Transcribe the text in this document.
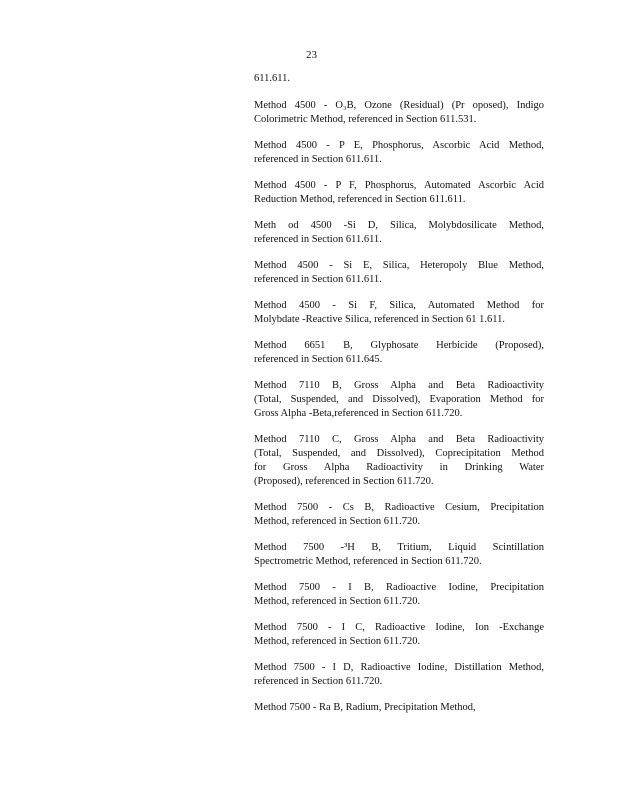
23
611.611.
Method 4500 - O₃B, Ozone (Residual) (Pr oposed), Indigo
Colorimetric Method, referenced in Section 611.531.
Method 4500 - P E, Phosphorus, Ascorbic Acid Method,
referenced in Section 611.611.
Method 4500 - P F, Phosphorus, Automated Ascorbic Acid
Reduction Method, referenced in Section 611.611.
Meth od 4500 -Si D, Silica, Molybdosilicate Method,
referenced in Section 611.611.
Method 4500 - Si E, Silica, Heteropoly Blue Method,
referenced in Section 611.611.
Method 4500 - Si F, Silica, Automated Method for
Molybdate -Reactive Silica, referenced in Section 61 1.611.
Method 6651 B, Glyphosate Herbicide (Proposed),
referenced in Section 611.645.
Method 7110 B, Gross Alpha and Beta Radioactivity
(Total, Suspended, and Dissolved), Evaporation Method for
Gross Alpha -Beta,referenced in Section 611.720.
Method 7110 C, Gross Alpha and Beta Radioactivity
(Total, Suspended, and Dissolved), Coprecipitation Method
for Gross Alpha Radioactivity in Drinking Water
(Proposed), referenced in Section 611.720.
Method 7500 - Cs B, Radioactive Cesium, Precipitation
Method, referenced in Section 611.720.
Method 7500 -³H B, Tritium, Liquid Scintillation
Spectrometric Method, referenced in Section 611.720.
Method 7500 - I B, Radioactive Iodine, Precipitation
Method, referenced in Section 611.720.
Method 7500 - I C, Radioactive Iodine, Ion -Exchange
Method, referenced in Section 611.720.
Method 7500 - I D, Radioactive Iodine, Distillation Method,
referenced in Section 611.720.
Method 7500 - Ra B, Radium, Precipitation Method,
